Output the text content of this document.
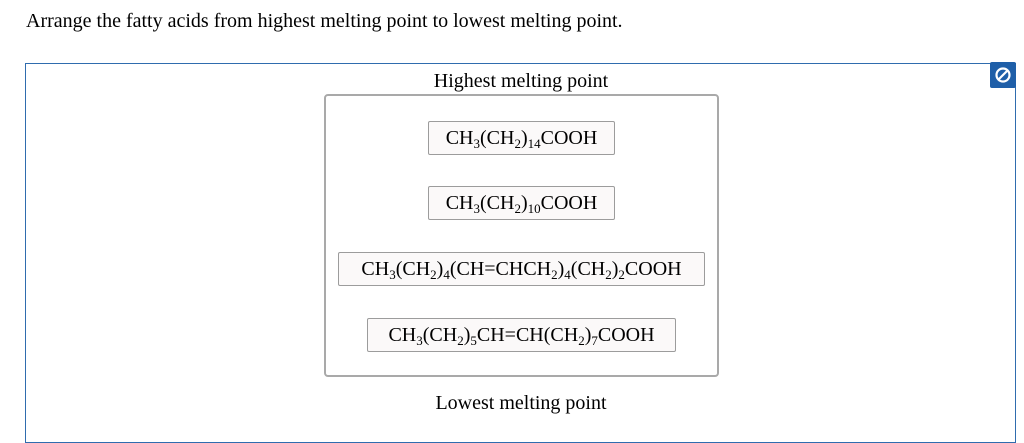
Arrange the fatty acids from highest melting point to lowest melting point.
Highest melting point
$CH_3(CH_2)_{14}COOH$
$CH_3(CH_2)_{10}COOH$
$CH_3(CH_2)_4(CH=CHCH_2)_4(CH_2)_2COOH$
$CH_3(CH_2)_5CH=CH(CH_2)_7COOH$
Lowest melting point
